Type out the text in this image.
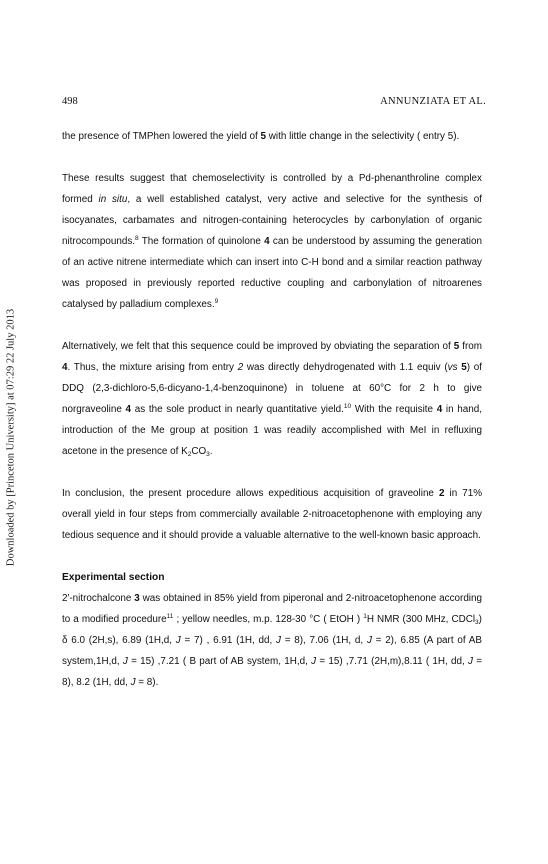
498	ANNUNZIATA ET AL.
Downloaded by [Princeton University] at 07:29 22 July 2013

the presence of TMPhen lowered the yield of 5 with little change in the selectivity ( entry 5).

These results suggest that chemoselectivity is controlled by a Pd-phenanthroline complex formed in situ, a well established catalyst, very active and selective for the synthesis of isocyanates, carbamates and nitrogen-containing heterocycles by carbonylation of organic nitrocompounds.$^8$ The formation of quinolone 4 can be understood by assuming the generation of an active nitrene intermediate which can insert into C-H bond and a similar reaction pathway was proposed in previously reported reductive coupling and carbonylation of nitroarenes catalysed by palladium complexes.$^9$

Alternatively, we felt that this sequence could be improved by obviating the separation of 5 from 4. Thus, the mixture arising from entry 2 was directly dehydrogenated with 1.1 equiv (vs 5) of DDQ (2,3-dichloro-5,6-dicyano-1,4-benzoquinone) in toluene at 60°C for 2 h to give norgraveoline 4 as the sole product in nearly quantitative yield.$^{10}$ With the requisite 4 in hand, introduction of the Me group at position 1 was readily accomplished with MeI in refluxing acetone in the presence of $K_2CO_3$.

In conclusion, the present procedure allows expeditious acquisition of graveoline 2 in 71% overall yield in four steps from commercially available 2-nitroacetophenone with employing any tedious sequence and it should provide a valuable alternative to the well-known basic approach.

Experimental section

2'-nitrochalcone 3 was obtained in 85% yield from piperonal and 2-nitroacetophenone according to a modified procedure$^{11}$ ; yellow needles, m.p. 128-30 °C ( EtOH ) $^1$H NMR (300 MHz, CDCl$_3$) δ 6.0 (2H,s), 6.89 (1H,d, J = 7) , 6.91 (1H, dd, J = 8), 7.06 (1H, d, J = 2), 6.85 (A part of AB system,1H,d, J = 15) ,7.21 ( B part of AB system, 1H,d, J = 15) ,7.71 (2H,m),8.11 ( 1H, dd, J = 8), 8.2 (1H, dd, J = 8).
